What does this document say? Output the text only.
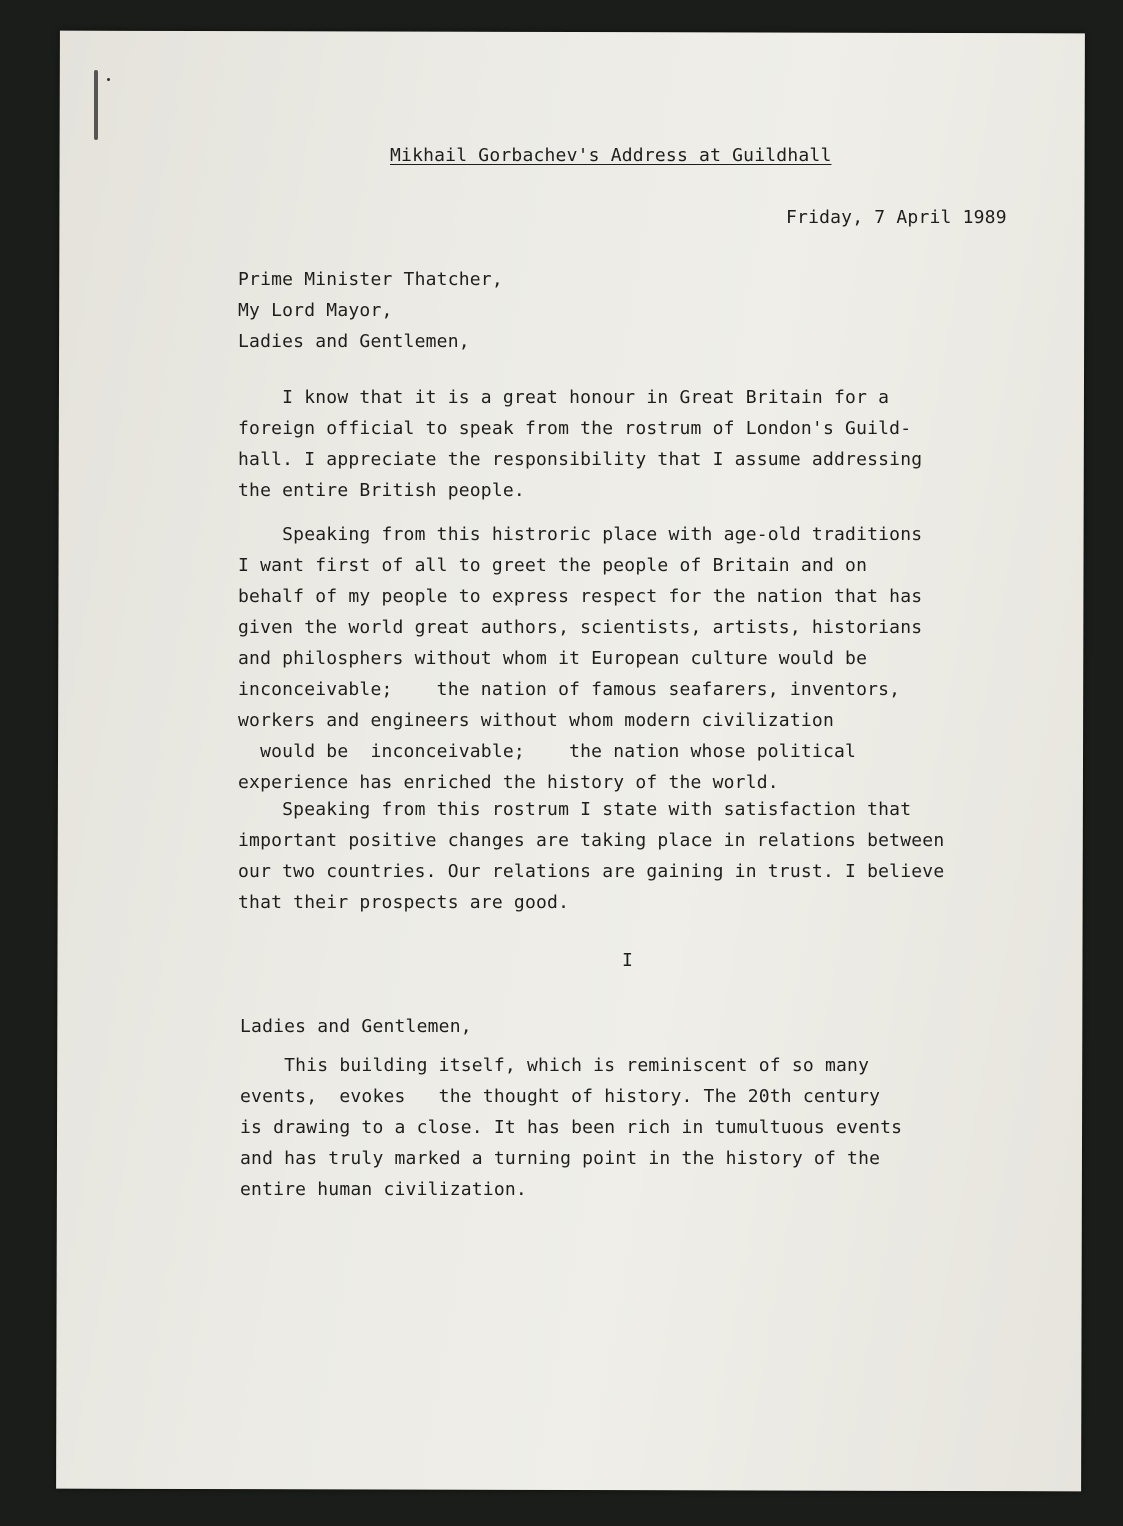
Mikhail Gorbachev's Address at Guildhall
Friday, 7 April 1989
Prime Minister Thatcher,
My Lord Mayor,
Ladies and Gentlemen,
I know that it is a great honour in Great Britain for a
foreign official to speak from the rostrum of London's Guild-
hall. I appreciate the responsibility that I assume addressing
the entire British people.
Speaking from this histroric place with age-old traditions
I want first of all to greet the people of Britain and on
behalf of my people to express respect for the nation that has
given the world great authors, scientists, artists, historians
and philosphers without whom it European culture would be
inconceivable;    the nation of famous seafarers, inventors,
workers and engineers without whom modern civilization
would be  inconceivable;    the nation whose political
experience has enriched the history of the world.
Speaking from this rostrum I state with satisfaction that
important positive changes are taking place in relations between
our two countries. Our relations are gaining in trust. I believe
that their prospects are good.
I
Ladies and Gentlemen,
This building itself, which is reminiscent of so many
events,  evokes   the thought of history. The 20th century
is drawing to a close. It has been rich in tumultuous events
and has truly marked a turning point in the history of the
entire human civilization.
